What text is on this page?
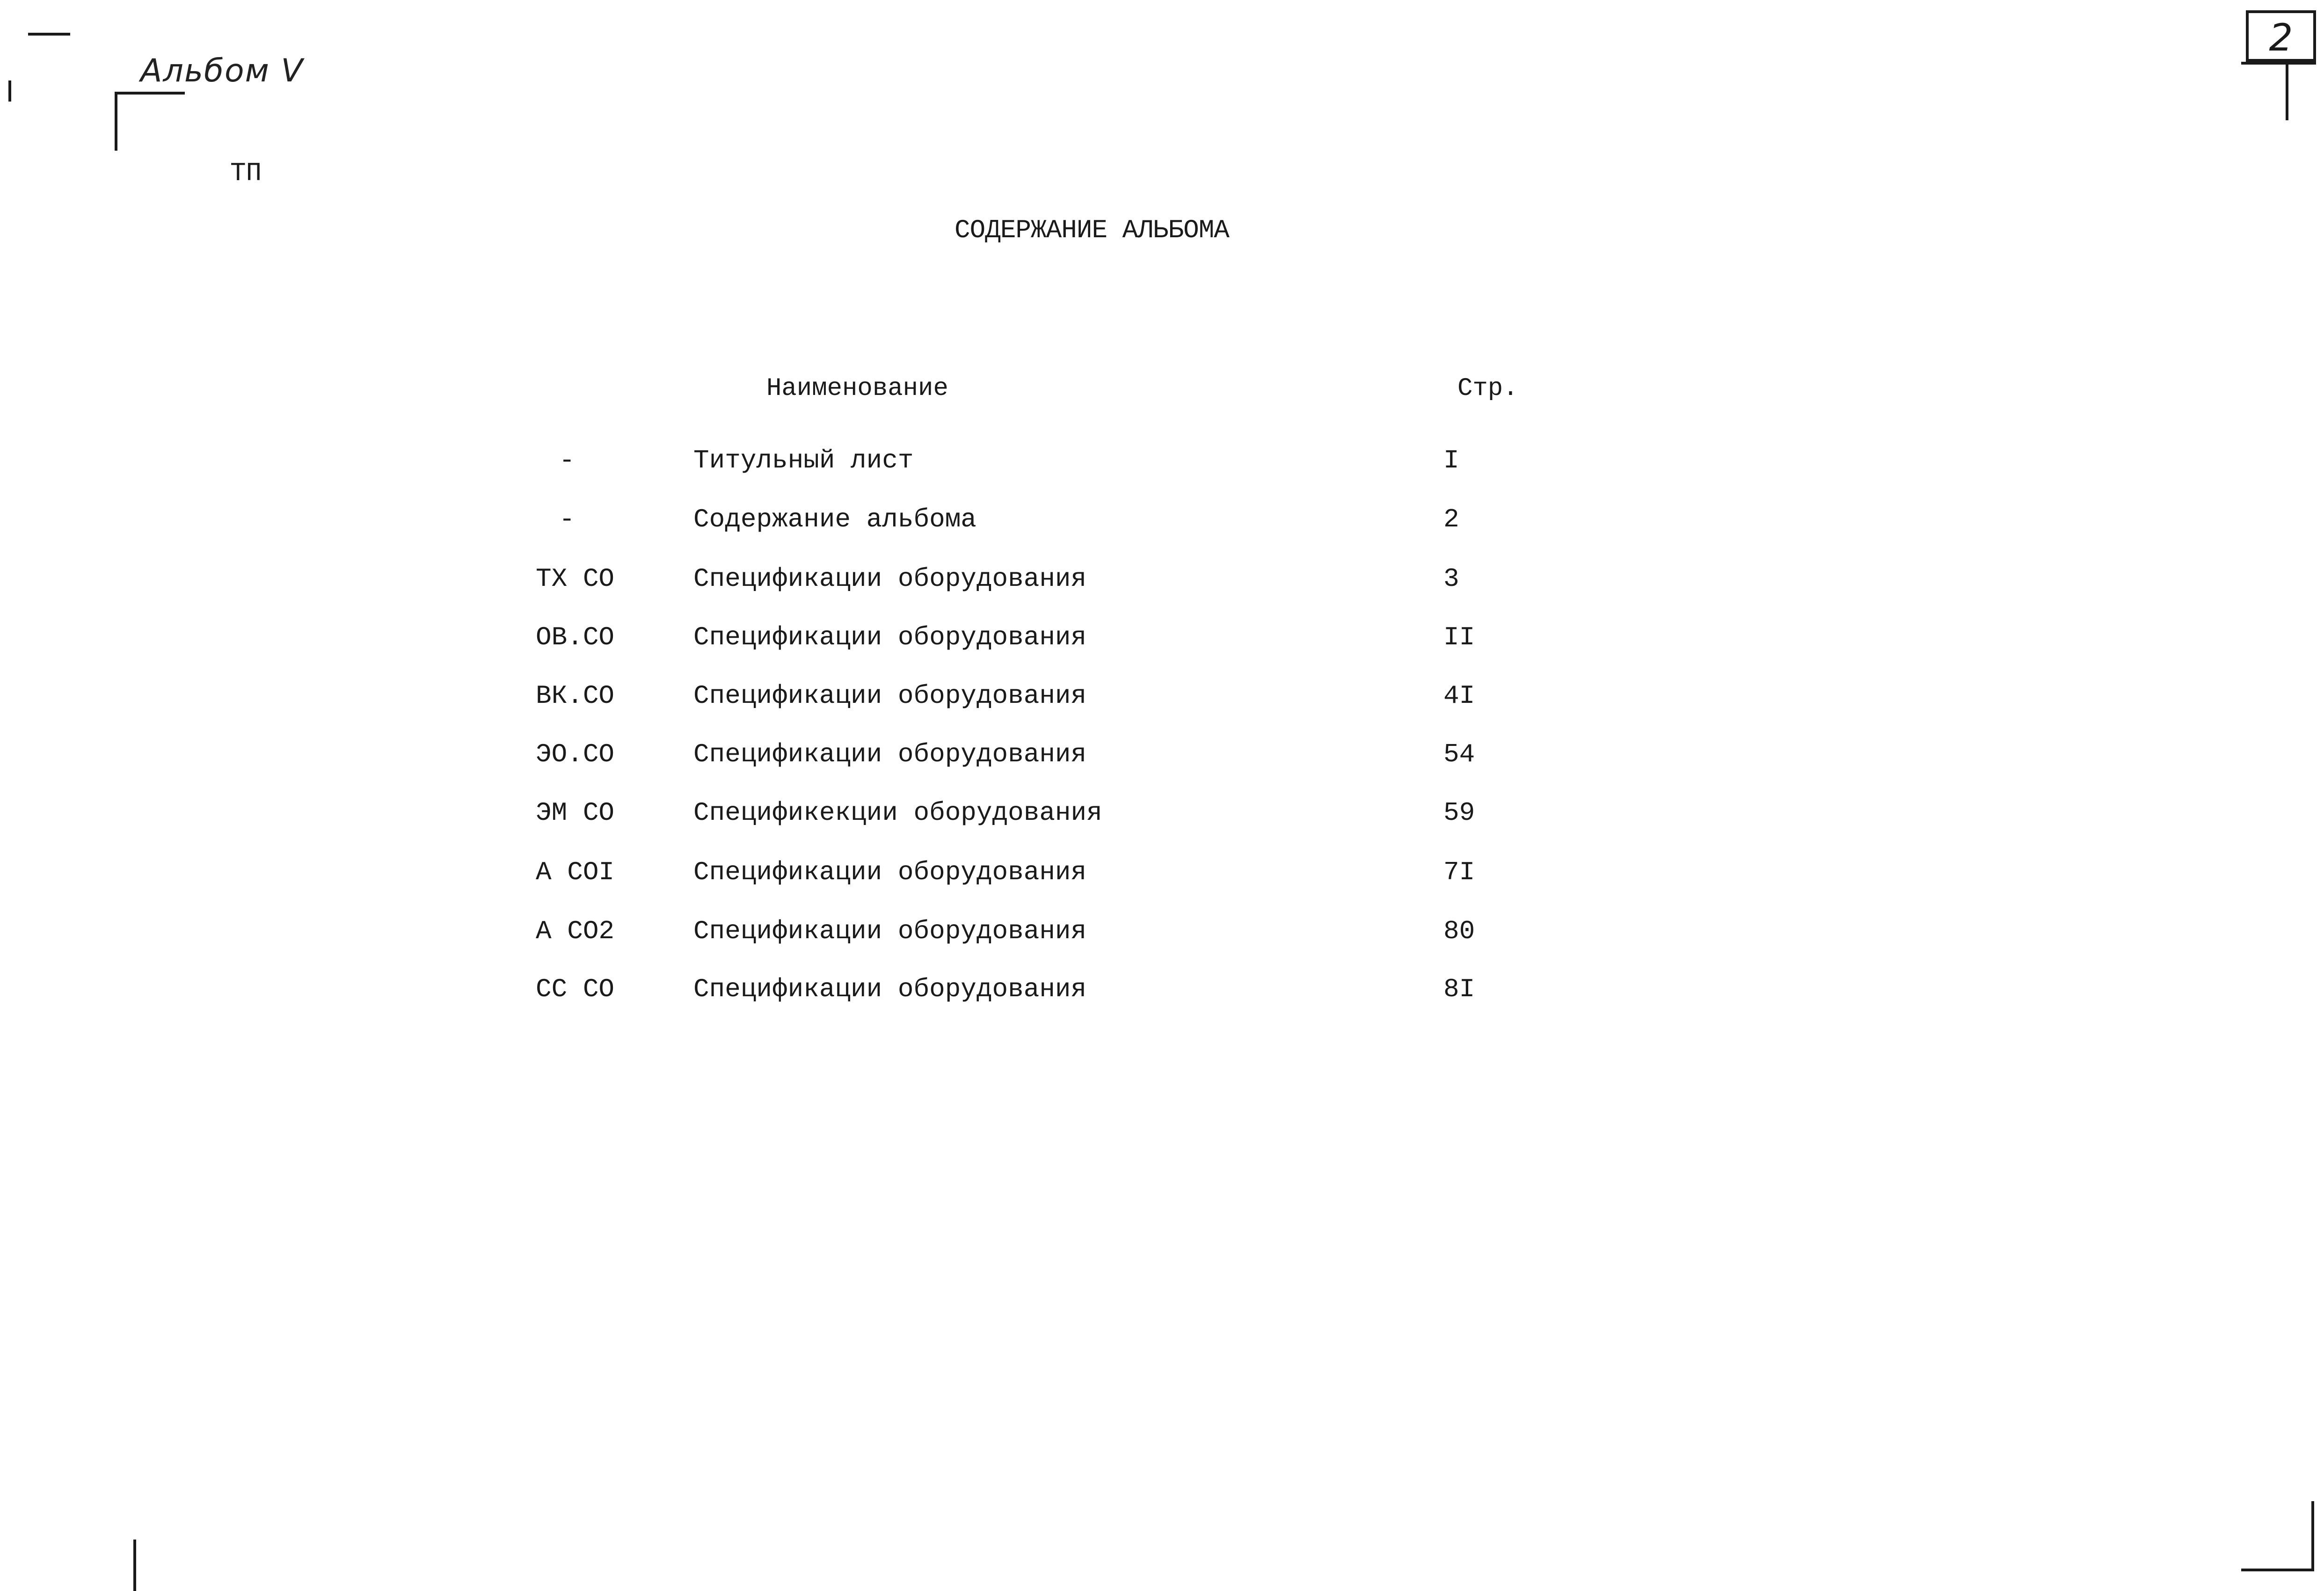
Альбом Ⅴ
ТП
2
СОДЕРЖАНИЕ АЛЬБОМА
Наименование	Стр.
-	Титульный лист	I
-	Содержание альбома	2
ТХ СО	Спецификации оборудования	3
ОВ.СО	Спецификации оборудования	II
ВК.СО	Спецификации оборудования	4I
ЭО.СО	Спецификации оборудования	54
ЭМ СО	Спецификекции оборудования	59
А СОI	Спецификации оборудования	7I
А СО2	Спецификации оборудования	80
СС СО	Спецификации оборудования	8I
